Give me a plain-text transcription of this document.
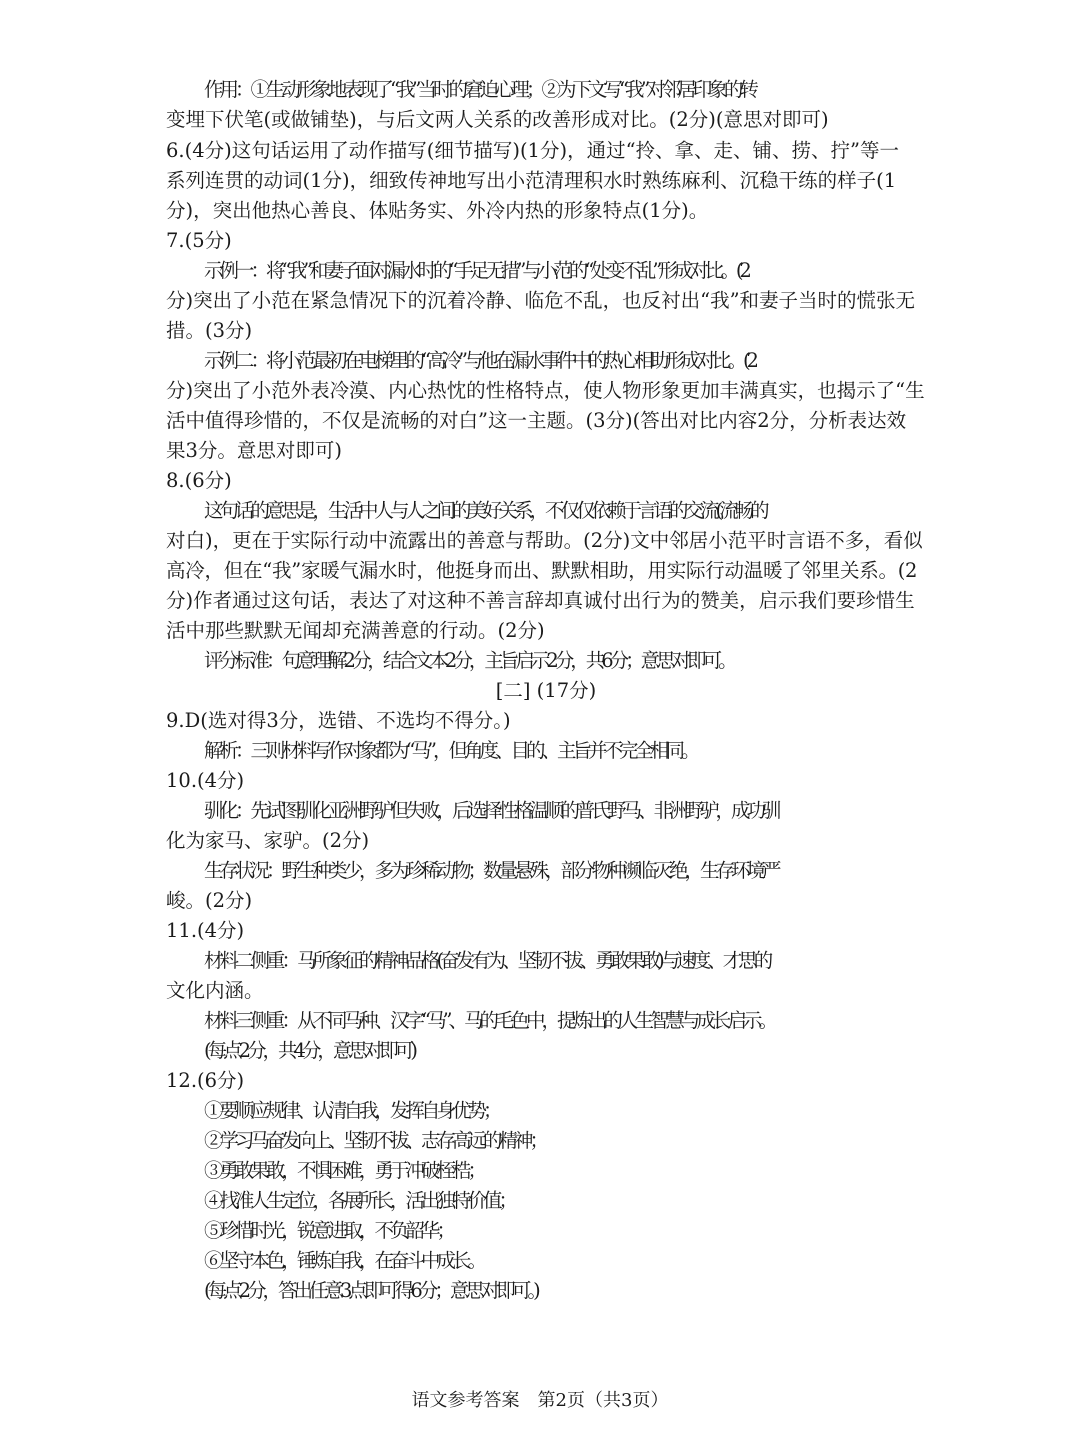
作用：①生动形象地表现了“我”当时的窘迫心理；②为下文写“我”对邻居印象的转
变埋下伏笔(或做铺垫)，与后文两人关系的改善形成对比。(2分)(意思对即可)
6.(4分)这句话运用了动作描写(细节描写)(1分)，通过“拎、拿、走、铺、捞、拧”等一
系列连贯的动词(1分)，细致传神地写出小范清理积水时熟练麻利、沉稳干练的样子(1
分)，突出他热心善良、体贴务实、外冷内热的形象特点(1分)。
7.(5分)
示例一：将“我”和妻子面对漏水时的“手足无措”与小范的“处变不乱”形成对比。(2
分)突出了小范在紧急情况下的沉着冷静、临危不乱，也反衬出“我”和妻子当时的慌张无
措。(3分)
示例二：将小范最初在电梯里的“高冷”与他在漏水事件中的热心相助形成对比。(2
分)突出了小范外表冷漠、内心热忱的性格特点，使人物形象更加丰满真实，也揭示了“生
活中值得珍惜的，不仅是流畅的对白”这一主题。(3分)(答出对比内容2分，分析表达效
果3分。意思对即可)
8.(6分)
这句话的意思是，生活中人与人之间的美好关系，不仅仅依赖于言语的交流(流畅的
对白)，更在于实际行动中流露出的善意与帮助。(2分)文中邻居小范平时言语不多，看似
高冷，但在“我”家暖气漏水时，他挺身而出、默默相助，用实际行动温暖了邻里关系。(2
分)作者通过这句话，表达了对这种不善言辞却真诚付出行为的赞美，启示我们要珍惜生
活中那些默默无闻却充满善意的行动。(2分)
评分标准：句意理解2分，结合文本2分，主旨启示2分，共6分；意思对即可。
[二] (17分)
9.D(选对得3分，选错、不选均不得分。)
解析：三则材料写作对象都为“马”，但角度、目的、主旨并不完全相同。
10.(4分)
驯化：先试图驯化亚洲野驴但失败，后选择性格温顺的普氏野马、非洲野驴，成功驯
化为家马、家驴。(2分)
生存状况：野生种类少，多为珍稀动物；数量悬殊，部分物种濒临灭绝，生存环境严
峻。(2分)
11.(4分)
材料二侧重：马所象征的精神品格(奋发有为、坚韧不拔、勇敢果敢)与速度、才思的
文化内涵。
材料三侧重：从不同马种、汉字“马”、马的毛色中，提炼出的人生智慧与成长启示。
(每点2分，共4分，意思对即可)
12.(6分)
①要顺应规律、认清自我，发挥自身优势；
②学习马奋发向上、坚韧不拔、志存高远的精神；
③勇敢果敢，不惧困难，勇于冲破桎梏；
④找准人生定位，各展所长，活出独特价值；
⑤珍惜时光，锐意进取，不负韶华；
⑥坚守本色，锤炼自我，在奋斗中成长。
(每点2分，答出任意3点即可得6分；意思对即可。)
语文参考答案　第2页（共3页）
